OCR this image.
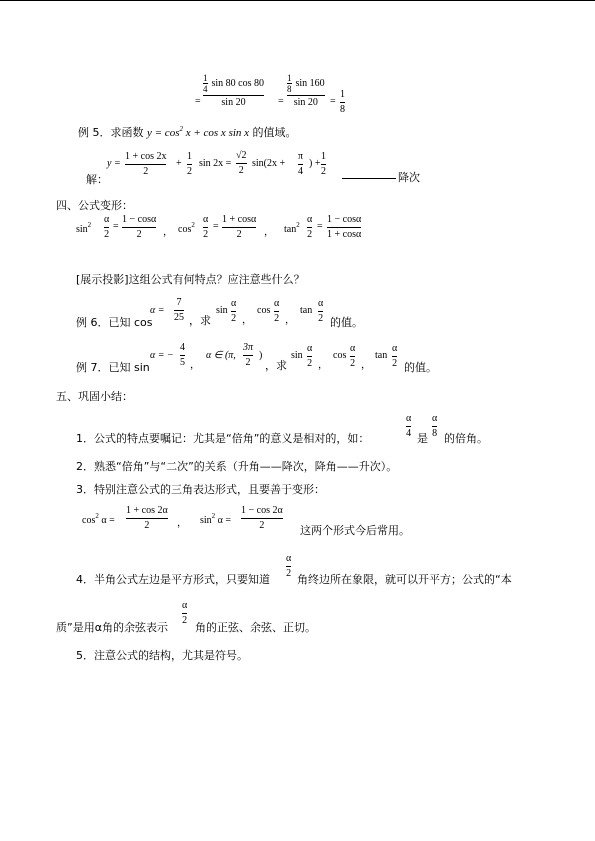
=
1
4
sin 80 cos 80
sin 20	=
1
8
sin 160
sin 20 =
1
8
例 5．求函数 $y = \cos^2 x + \cos x$ sin x 的值域。
解：
y =
1 + cos 2x
2
+
1
2
sin 2x =
√2
2
sin(2x +
π
4
) +
1
2	降次
四、公式变形：
$\sin^2 \alpha$
2
=
1 − cosα
2 ， $\cos^2 \alpha$
2
=
1 + cosα
2 ， $\tan^2 \alpha$
2
=
1 − cosα
1 + cosα
[展示投影]这组公式有何特点？应注意些什么？
例 6．已知 cos
α =
7
25 ，求
sin
α
2 ，
cos
α
2 ，
tan
α
2 的值。
例 7．已知 sin
α = −
4
5 ，
α ∈ (π,
3π
2
)
，求
sin
α
2 ，
cos
α
2 ，
tan
α
2 的值。
五、巩固小结：
1．公式的特点要嘱记：尤其是“倍角”的意义是相对的，如：
α
4 是
α
8 的倍角。
2．熟悉“倍角”与“二次”的关系（升角——降次，降角——升次）。
3．特别注意公式的三角表达形式，且要善于变形：
$\cos^2 \alpha$ =
1 + cos 2α
2	， $\sin^2 \alpha$ =
1 − cos 2α
2	这两个形式今后常用。
4．半角公式左边是平方形式，只要知道
α
2 角终边所在象限，就可以开平方；公式的“本
质”是用α角的余弦表示
α
2
角的正弦、余弦、正切。
5．注意公式的结构，尤其是符号。
